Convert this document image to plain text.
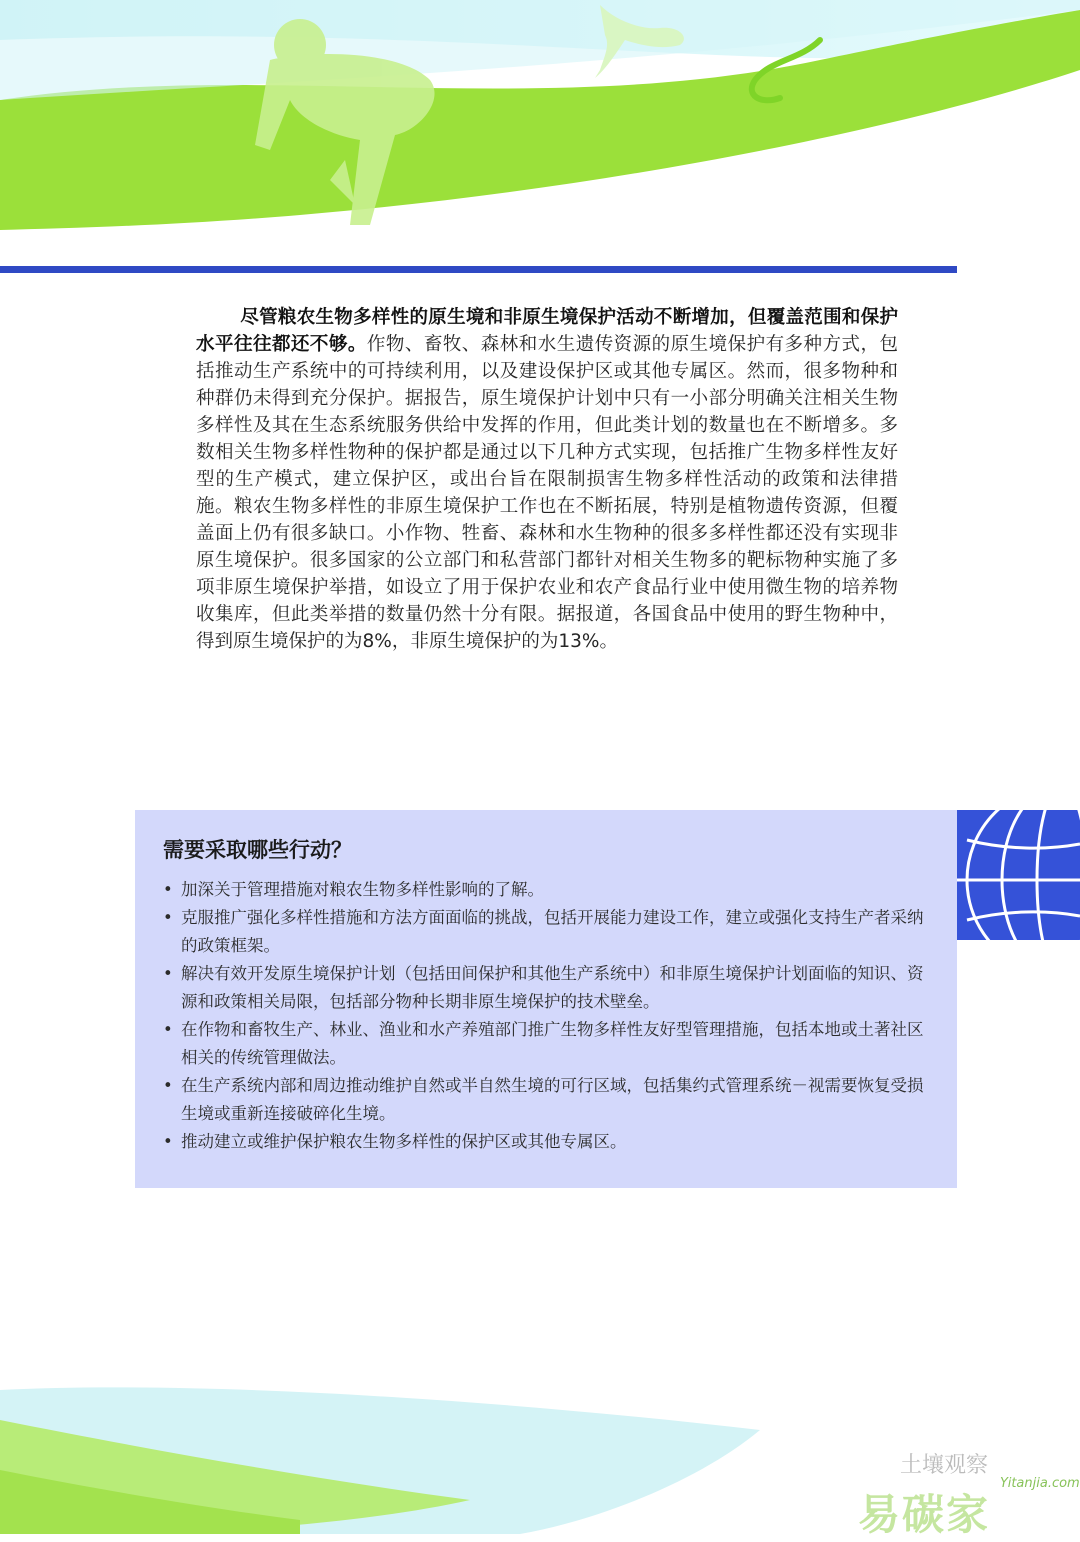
尽管粮农生物多样性的原生境和非原生境保护活动不断增加，但覆盖范围和保护水平往往都还不够。作物、畜牧、森林和水生遗传资源的原生境保护有多种方式，包括推动生产系统中的可持续利用，以及建设保护区或其他专属区。然而，很多物种和种群仍未得到充分保护。据报告，原生境保护计划中只有一小部分明确关注相关生物多样性及其在生态系统服务供给中发挥的作用，但此类计划的数量也在不断增多。多数相关生物多样性物种的保护都是通过以下几种方式实现，包括推广生物多样性友好型的生产模式，建立保护区，或出台旨在限制损害生物多样性活动的政策和法律措施。粮农生物多样性的非原生境保护工作也在不断拓展，特别是植物遗传资源，但覆盖面上仍有很多缺口。小作物、牲畜、森林和水生物种的很多多样性都还没有实现非原生境保护。很多国家的公立部门和私营部门都针对相关生物多的靶标物种实施了多项非原生境保护举措，如设立了用于保护农业和农产食品行业中使用微生物的培养物收集库，但此类举措的数量仍然十分有限。据报道，各国食品中使用的野生物种中，得到原生境保护的为8%，非原生境保护的为13%。

需要采取哪些行动？
• 加深关于管理措施对粮农生物多样性影响的了解。
• 克服推广强化多样性措施和方法方面面临的挑战，包括开展能力建设工作，建立或强化支持生产者采纳的政策框架。
• 解决有效开发原生境保护计划（包括田间保护和其他生产系统中）和非原生境保护计划面临的知识、资源和政策相关局限，包括部分物种长期非原生境保护的技术壁垒。
• 在作物和畜牧生产、林业、渔业和水产养殖部门推广生物多样性友好型管理措施，包括本地或土著社区相关的传统管理做法。
• 在生产系统内部和周边推动维护自然或半自然生境的可行区域，包括集约式管理系统－视需要恢复受损生境或重新连接破碎化生境。
• 推动建立或维护保护粮农生物多样性的保护区或其他专属区。
土壤观察
易碳家
Yitanjia.com
